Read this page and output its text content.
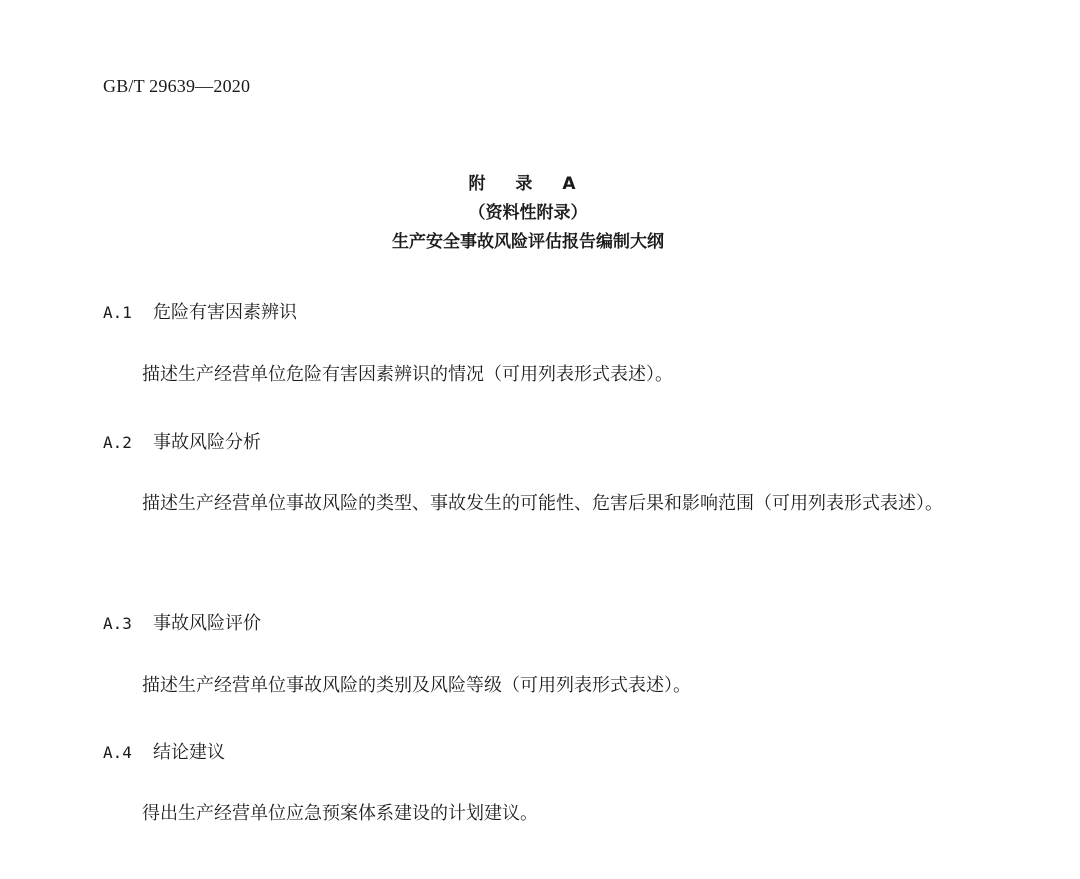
GB/T 29639—2020
附 录 A
（资料性附录）
生产安全事故风险评估报告编制大纲
A.1 危险有害因素辨识
描述生产经营单位危险有害因素辨识的情况（可用列表形式表述）。
A.2 事故风险分析
描述生产经营单位事故风险的类型、事故发生的可能性、危害后果和影响范围（可用列表形式表述）。
A.3 事故风险评价
描述生产经营单位事故风险的类别及风险等级（可用列表形式表述）。
A.4 结论建议
得出生产经营单位应急预案体系建设的计划建议。
